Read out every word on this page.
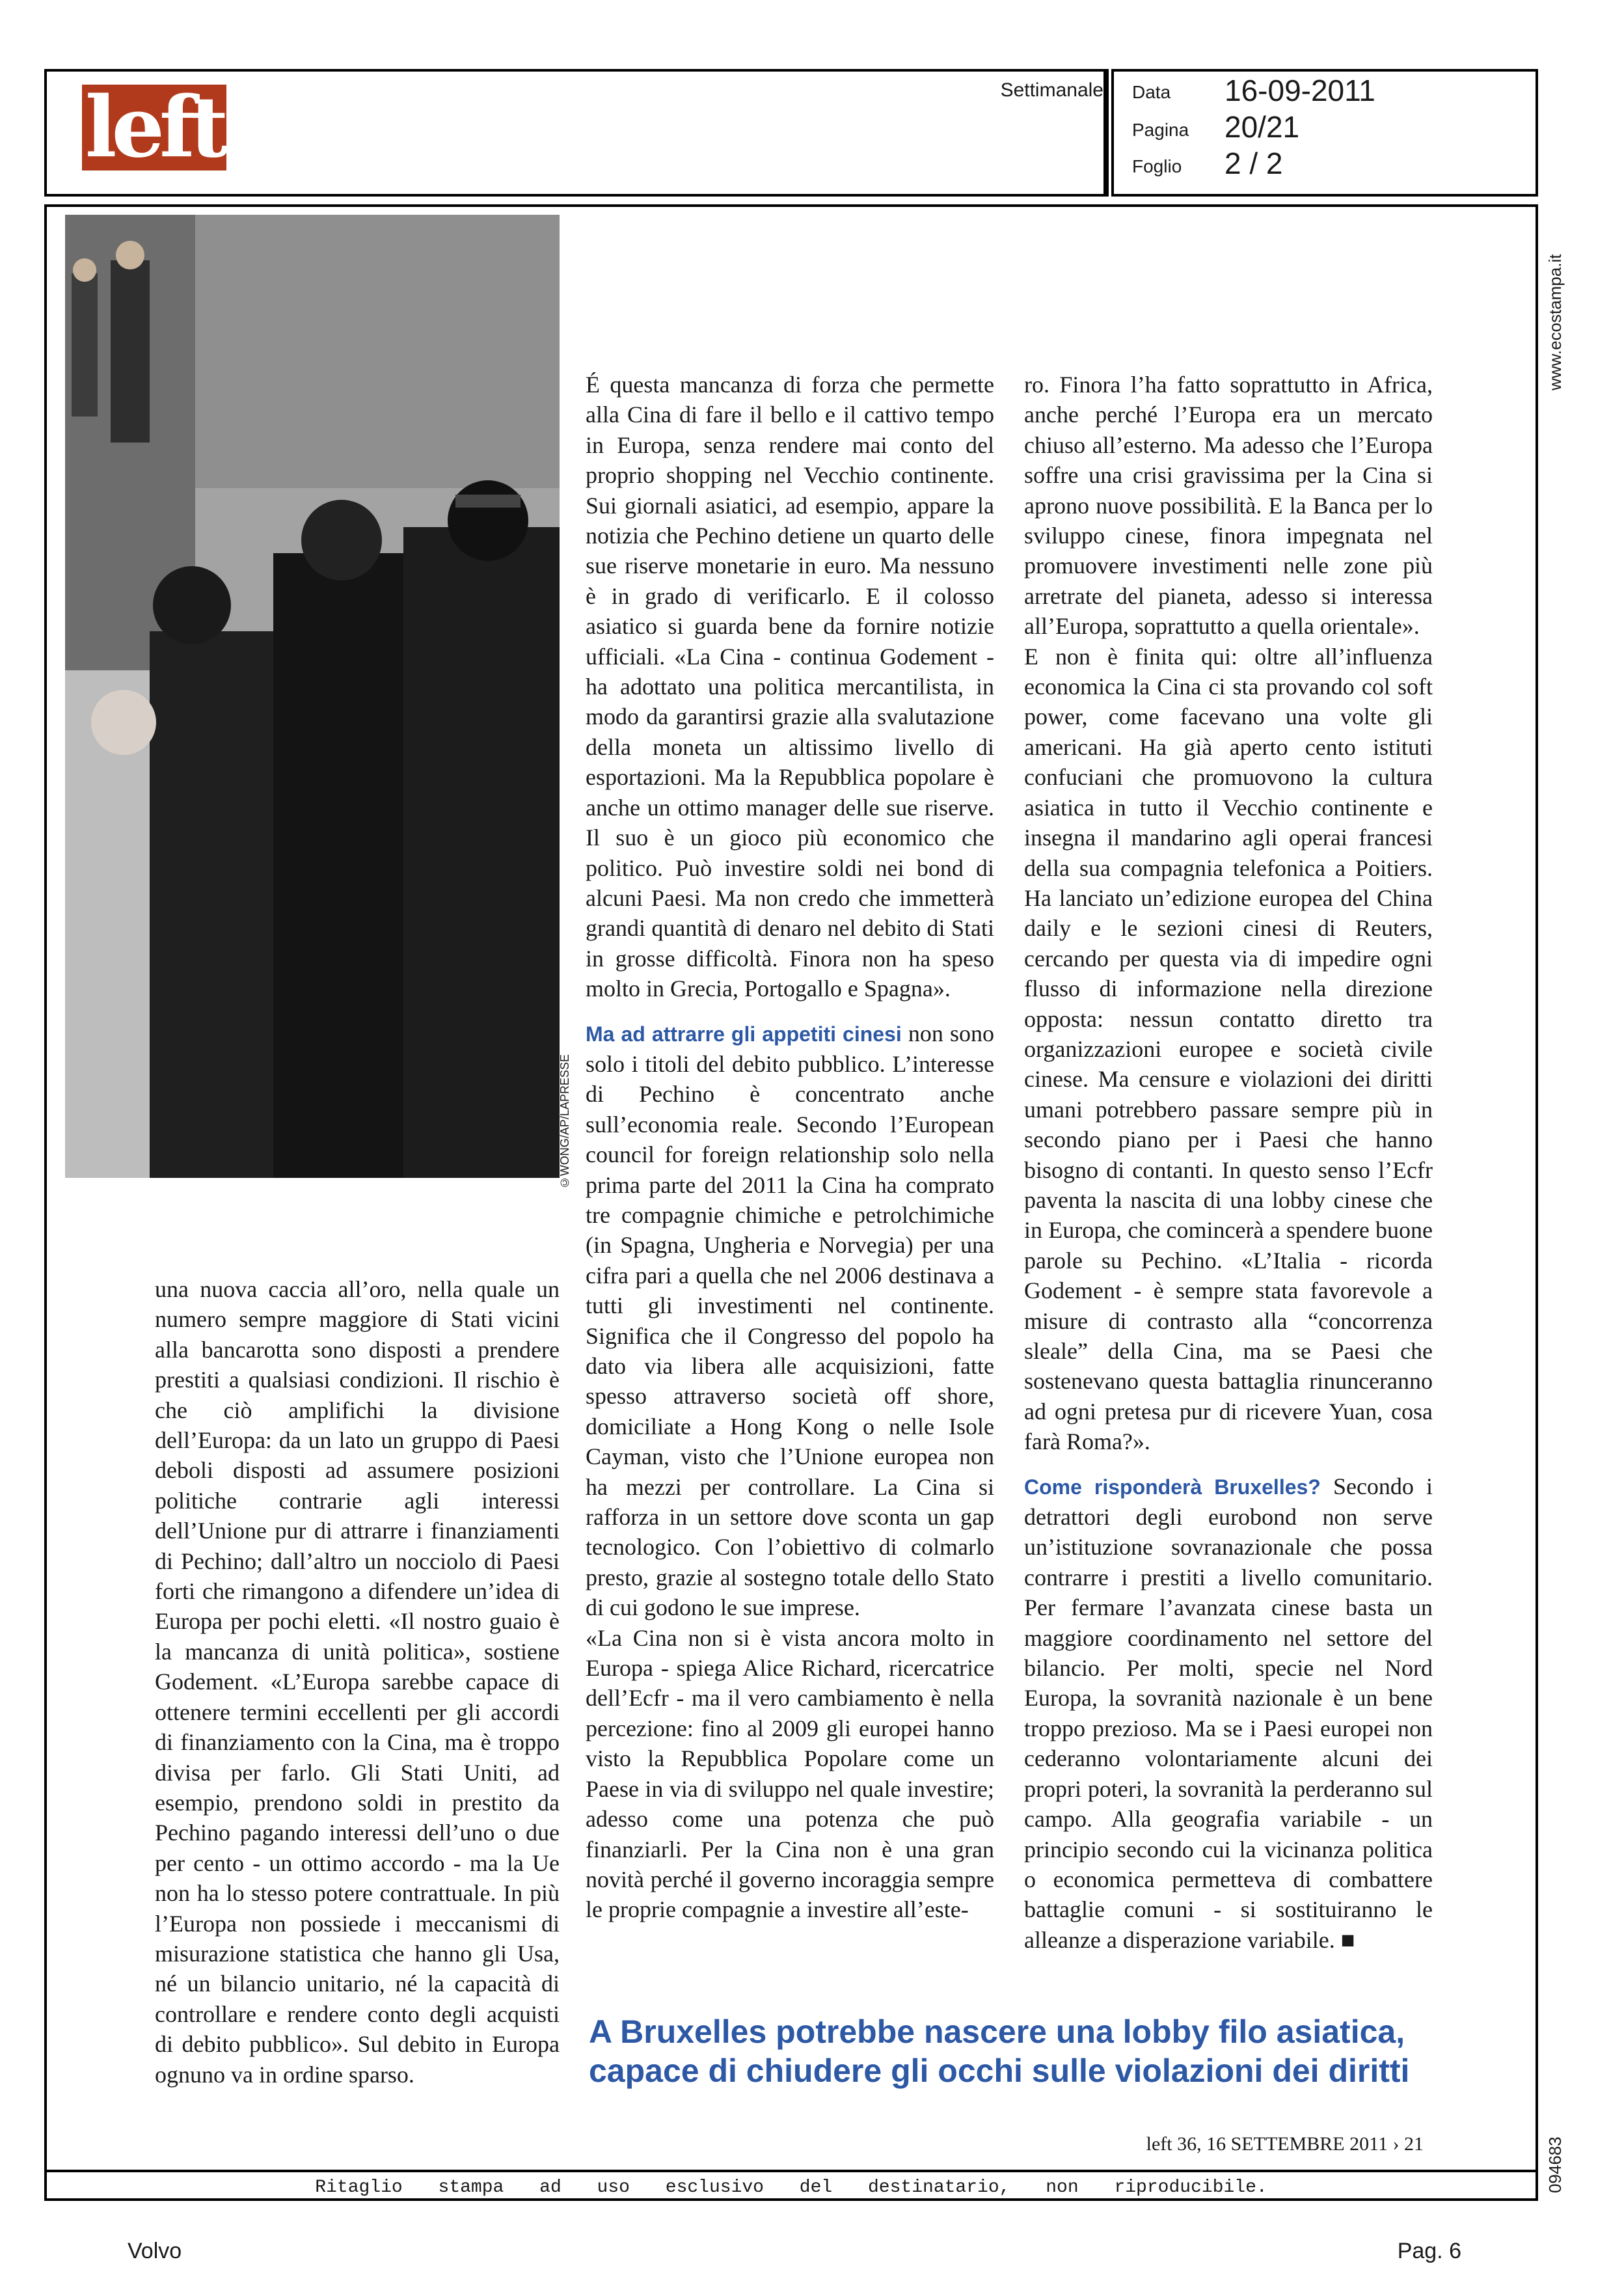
left	Settimanale Data 16-09-2011
Pagina 20/21
Foglio 2 / 2
Ritaglio stampa ad uso esclusivo del destinatario, non riproducibile.
www.ecostampa.it
094683
©WONG/AP/LAPRESSE

una nuova caccia all’oro, nella quale un numero sempre maggiore di Stati vicini alla bancarotta sono disposti a prendere prestiti a qualsiasi condizioni. Il rischio è che ciò amplifichi la divisione dell’Europa: da un lato un gruppo di Paesi deboli disposti ad assumere posizioni politiche contrarie agli interessi dell’Unione pur di attrarre i finanziamenti di Pechino; dall’altro un nocciolo di Paesi forti che rimangono a difendere un’idea di Europa per pochi eletti. «Il nostro guaio è la mancanza di unità politica», sostiene Godement. «L’Europa sarebbe capace di ottenere termini eccellenti per gli accordi di finanziamento con la Cina, ma è troppo divisa per farlo. Gli Stati Uniti, ad esempio, prendono soldi in prestito da Pechino pagando interessi dell’uno o due per cento - un ottimo accordo - ma la Ue non ha lo stesso potere contrattuale. In più l’Europa non possiede i meccanismi di misurazione statistica che hanno gli Usa, né un bilancio unitario, né la capacità di controllare e rendere conto degli acquisti di debito pubblico». Sul debito in Europa ognuno va in ordine sparso.

É questa mancanza di forza che permette alla Cina di fare il bello e il cattivo tempo in Europa, senza rendere mai conto del proprio shopping nel Vecchio continente. Sui giornali asiatici, ad esempio, appare la notizia che Pechino detiene un quarto delle sue riserve monetarie in euro. Ma nessuno è in grado di verificarlo. E il colosso asiatico si guarda bene da fornire notizie ufficiali. «La Cina - continua Godement - ha adottato una politica mercantilista, in modo da garantirsi grazie alla svalutazione della moneta un altissimo livello di esportazioni. Ma la Repubblica popolare è anche un ottimo manager delle sue riserve. Il suo è un gioco più economico che politico. Può investire soldi nei bond di alcuni Paesi. Ma non credo che immetterà grandi quantità di denaro nel debito di Stati in grosse difficoltà. Finora non ha speso molto in Grecia, Portogallo e Spagna».

Ma ad attrarre gli appetiti cinesi non sono solo i titoli del debito pubblico. L’interesse di Pechino è concentrato anche sull’economia reale. Secondo l’European council for foreign relationship solo nella prima parte del 2011 la Cina ha comprato tre compagnie chimiche e petrolchimiche (in Spagna, Ungheria e Norvegia) per una cifra pari a quella che nel 2006 destinava a tutti gli investimenti nel continente. Significa che il Congresso del popolo ha dato via libera alle acquisizioni, fatte spesso attraverso società off shore, domiciliate a Hong Kong o nelle Isole Cayman, visto che l’Unione europea non ha mezzi per controllare. La Cina si rafforza in un settore dove sconta un gap tecnologico. Con l’obiettivo di colmarlo presto, grazie al sostegno totale dello Stato di cui godono le sue imprese.

«La Cina non si è vista ancora molto in Europa - spiega Alice Richard, ricercatrice dell’Ecfr - ma il vero cambiamento è nella percezione: fino al 2009 gli europei hanno visto la Repubblica Popolare come un Paese in via di sviluppo nel quale investire; adesso come una potenza che può finanziarli. Per la Cina non è una gran novità perché il governo incoraggia sempre le proprie compagnie a investire all’este-

ro. Finora l’ha fatto soprattutto in Africa, anche perché l’Europa era un mercato chiuso all’esterno. Ma adesso che l’Europa soffre una crisi gravissima per la Cina si aprono nuove possibilità. E la Banca per lo sviluppo cinese, finora impegnata nel promuovere investimenti nelle zone più arretrate del pianeta, adesso si interessa all’Europa, soprattutto a quella orientale».

E non è finita qui: oltre all’influenza economica la Cina ci sta provando col soft power, come facevano una volte gli americani. Ha già aperto cento istituti confuciani che promuovono la cultura asiatica in tutto il Vecchio continente e insegna il mandarino agli operai francesi della sua compagnia telefonica a Poitiers. Ha lanciato un’edizione europea del China daily e le sezioni cinesi di Reuters, cercando per questa via di impedire ogni flusso di informazione nella direzione opposta: nessun contatto diretto tra organizzazioni europee e società civile cinese. Ma censure e violazioni dei diritti umani potrebbero passare sempre più in secondo piano per i Paesi che hanno bisogno di contanti. In questo senso l’Ecfr paventa la nascita di una lobby cinese che in Europa, che comincerà a spendere buone parole su Pechino. «L’Italia - ricorda Godement - è sempre stata favorevole a misure di contrasto alla “concorrenza sleale” della Cina, ma se Paesi che sostenevano questa battaglia rinunceranno ad ogni pretesa pur di ricevere Yuan, cosa farà Roma?».

Come risponderà Bruxelles? Secondo i detrattori degli eurobond non serve un’istituzione sovranazionale che possa contrarre i prestiti a livello comunitario. Per fermare l’avanzata cinese basta un maggiore coordinamento nel settore del bilancio. Per molti, specie nel Nord Europa, la sovranità nazionale è un bene troppo prezioso. Ma se i Paesi europei non cederanno volontariamente alcuni dei propri poteri, la sovranità la perderanno sul campo. Alla geografia variabile - un principio secondo cui la vicinanza politica o economica permetteva di combattere battaglie comuni - si sostituiranno le alleanze a disperazione variabile. ■

A Bruxelles potrebbe nascere una lobby filo asiatica, capace di chiudere gli occhi sulle violazioni dei diritti
left 36, 16 SETTEMBRE 2011 › 21
Volvo	Pag. 6
